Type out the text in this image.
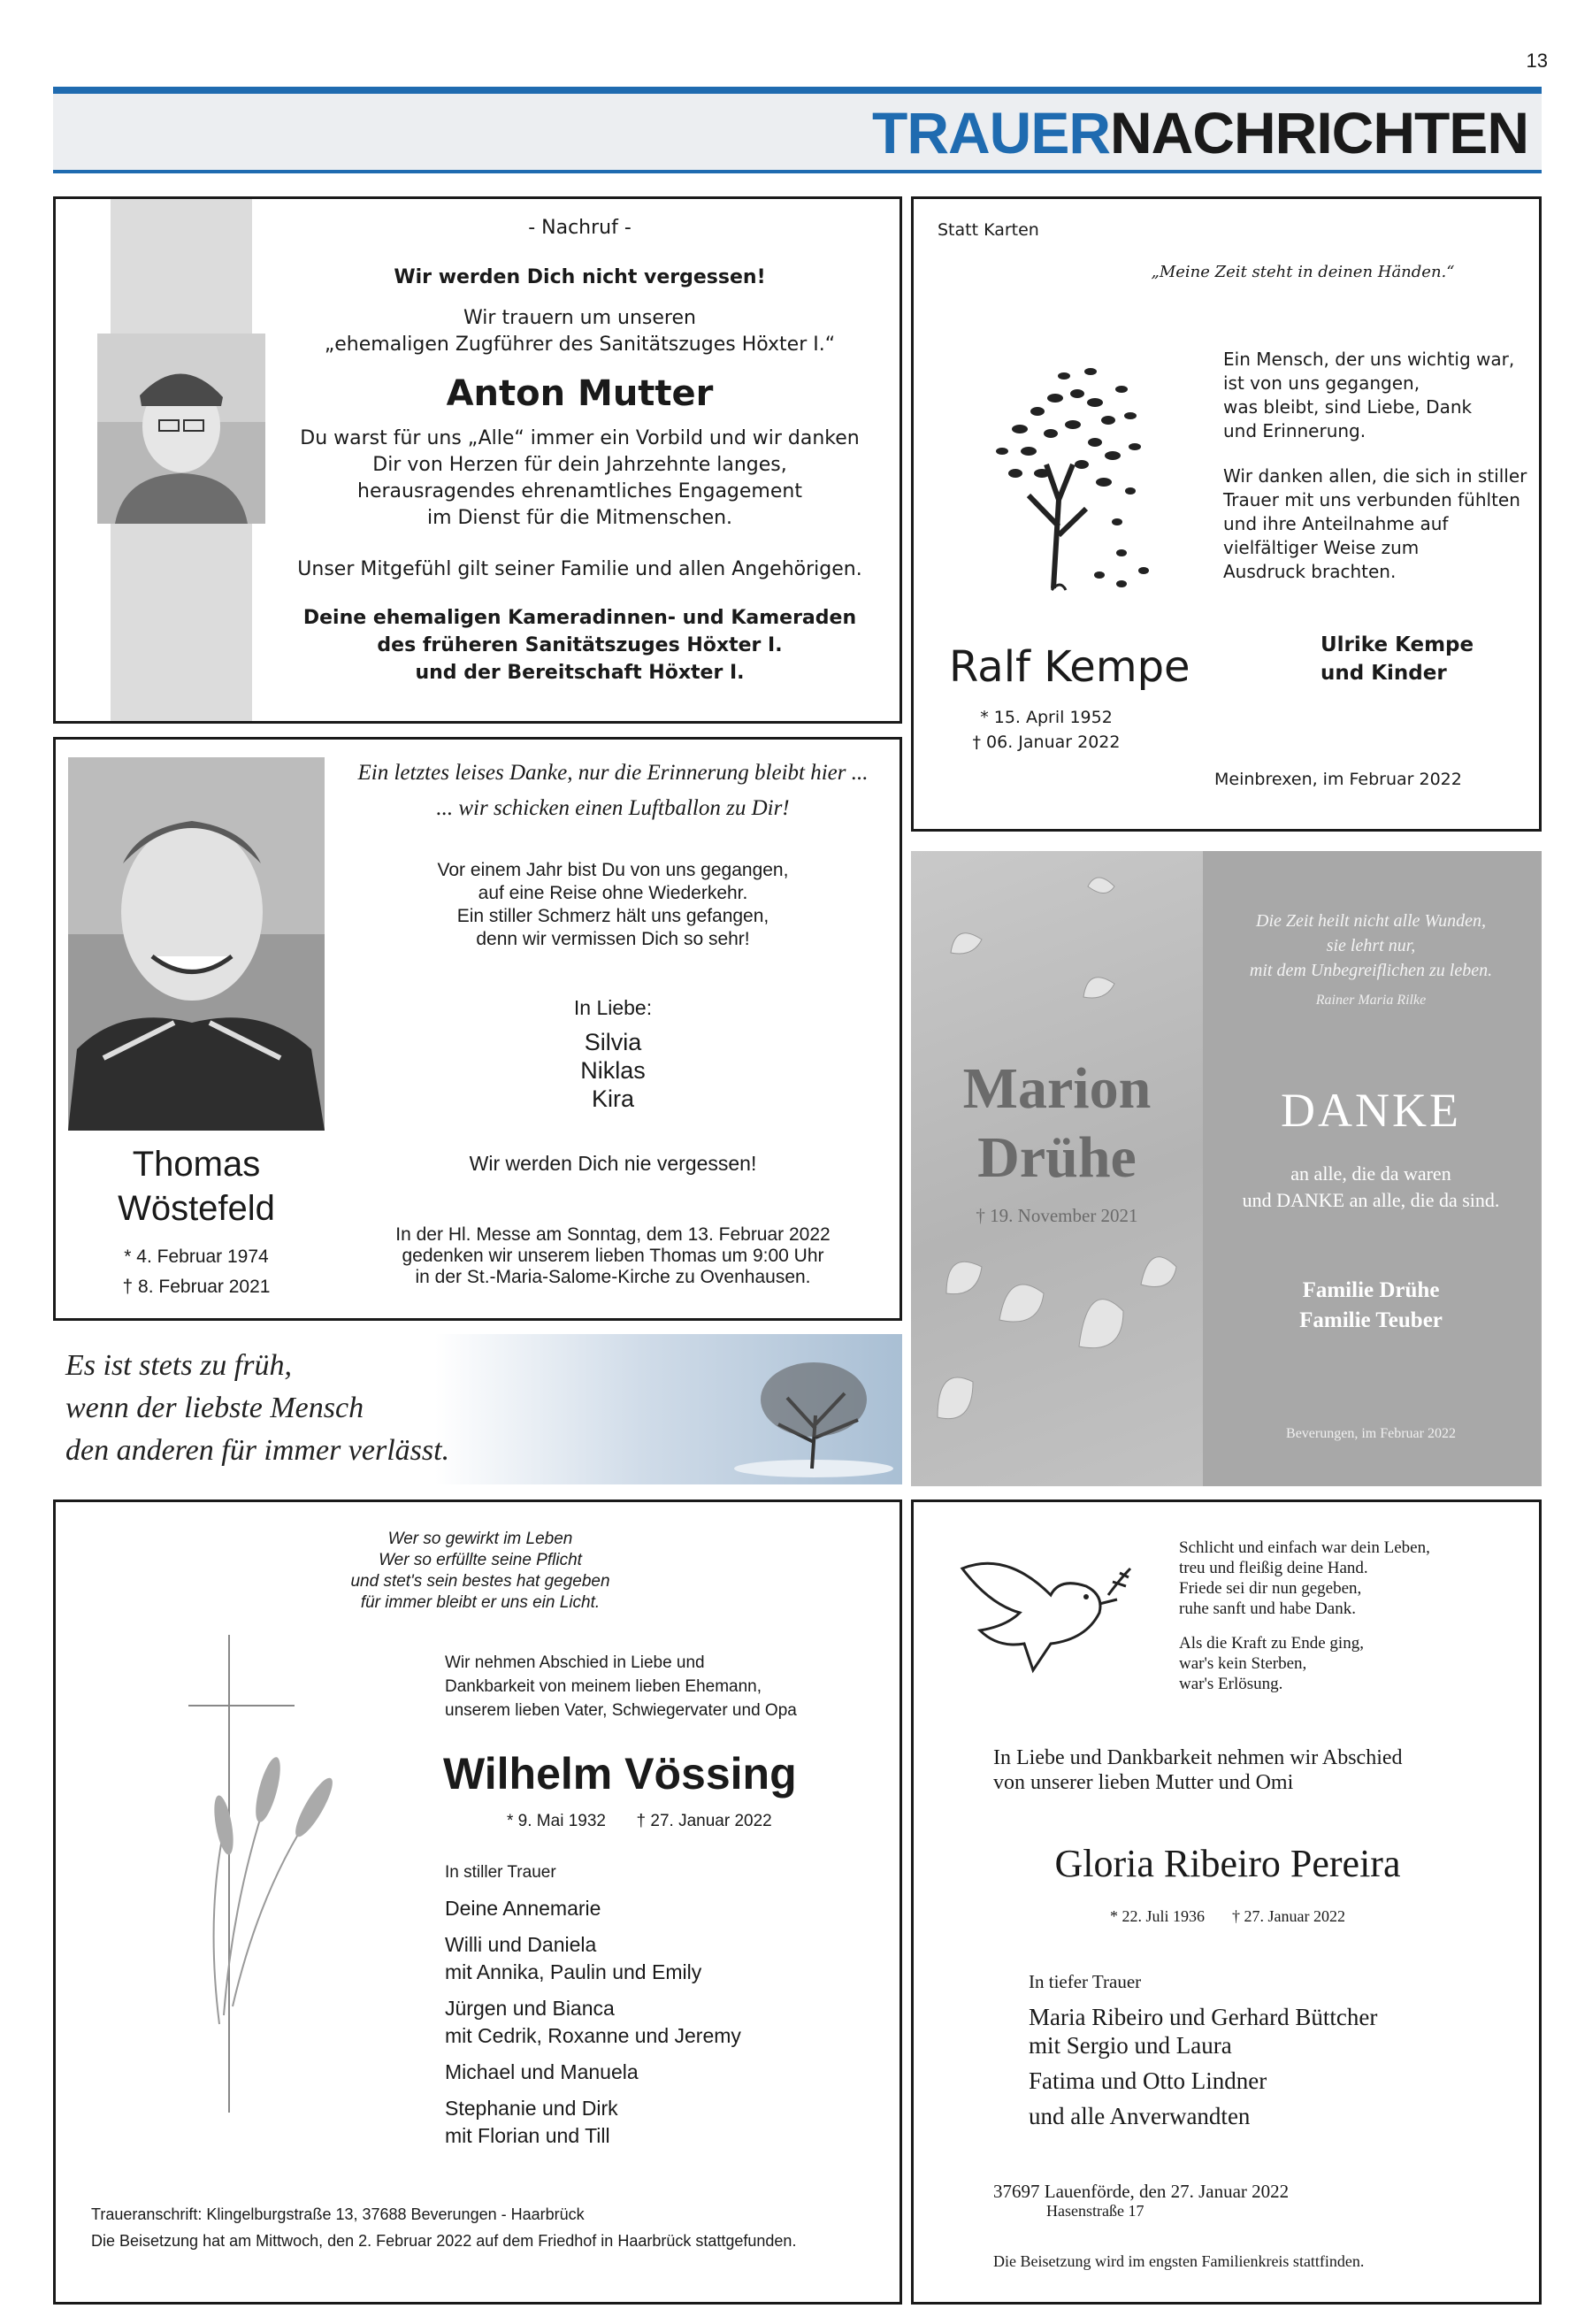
13
TRAUERNACHRICHTEN
- Nachruf -
Wir werden Dich nicht vergessen!
Wir trauern um unseren
„ehemaligen Zugführer des Sanitätszuges Höxter I.“
Anton Mutter
Du warst für uns „Alle“ immer ein Vorbild und wir danken
Dir von Herzen für dein Jahrzehnte langes,
herausragendes ehrenamtliches Engagement
im Dienst für die Mitmenschen.
Unser Mitgefühl gilt seiner Familie und allen Angehörigen.
Deine ehemaligen Kameradinnen- und Kameraden
des früheren Sanitätszuges Höxter I.
und der Bereitschaft Höxter I.
Statt Karten
„Meine Zeit steht in deinen Händen.“
Ein Mensch, der uns wichtig war,
ist von uns gegangen,
was bleibt, sind Liebe, Dank
und Erinnerung.
Wir danken allen, die sich in stiller
Trauer mit uns verbunden fühlten
und ihre Anteilnahme auf
vielfältiger Weise zum
Ausdruck brachten.
Ralf Kempe
* 15. April 1952
† 06. Januar 2022
Ulrike Kempe
und Kinder
Meinbrexen, im Februar 2022
Thomas
Wöstefeld
* 4. Februar 1974
† 8. Februar 2021
Ein letztes leises Danke, nur die Erinnerung bleibt hier ...
... wir schicken einen Luftballon zu Dir!
Vor einem Jahr bist Du von uns gegangen,
auf eine Reise ohne Wiederkehr.
Ein stiller Schmerz hält uns gefangen,
denn wir vermissen Dich so sehr!
In Liebe:
Silvia
Niklas
Kira
Wir werden Dich nie vergessen!
In der Hl. Messe am Sonntag, dem 13. Februar 2022
gedenken wir unserem lieben Thomas um 9:00 Uhr
in der St.-Maria-Salome-Kirche zu Ovenhausen.
Marion
Drühe
† 19. November 2021
Die Zeit heilt nicht alle Wunden,
sie lehrt nur,
mit dem Unbegreiflichen zu leben.
Rainer Maria Rilke
DANKE
an alle, die da waren
und DANKE an alle, die da sind.
Familie Drühe
Familie Teuber
Beverungen, im Februar 2022
Es ist stets zu früh,
wenn der liebste Mensch
den anderen für immer verlässt.
Wer so gewirkt im Leben
Wer so erfüllte seine Pflicht
und stet's sein bestes hat gegeben
für immer bleibt er uns ein Licht.
Wir nehmen Abschied in Liebe und
Dankbarkeit von meinem lieben Ehemann,
unserem lieben Vater, Schwiegervater und Opa
Wilhelm Vössing
* 9. Mai 1932 † 27. Januar 2022
In stiller Trauer
Deine Annemarie
Willi und Daniela
mit Annika, Paulin und Emily
Jürgen und Bianca
mit Cedrik, Roxanne und Jeremy
Michael und Manuela
Stephanie und Dirk
mit Florian und Till
Traueranschrift: Klingelburgstraße 13, 37688 Beverungen - Haarbrück
Die Beisetzung hat am Mittwoch, den 2. Februar 2022 auf dem Friedhof in Haarbrück stattgefunden.
Schlicht und einfach war dein Leben,
treu und fleißig deine Hand.
Friede sei dir nun gegeben,
ruhe sanft und habe Dank.
Als die Kraft zu Ende ging,
war's kein Sterben,
war's Erlösung.
In Liebe und Dankbarkeit nehmen wir Abschied
von unserer lieben Mutter und Omi
Gloria Ribeiro Pereira
* 22. Juli 1936 † 27. Januar 2022
In tiefer Trauer
Maria Ribeiro und Gerhard Büttcher
mit Sergio und Laura
Fatima und Otto Lindner
und alle Anverwandten
37697 Lauenförde, den 27. Januar 2022
Hasenstraße 17
Die Beisetzung wird im engsten Familienkreis stattfinden.
